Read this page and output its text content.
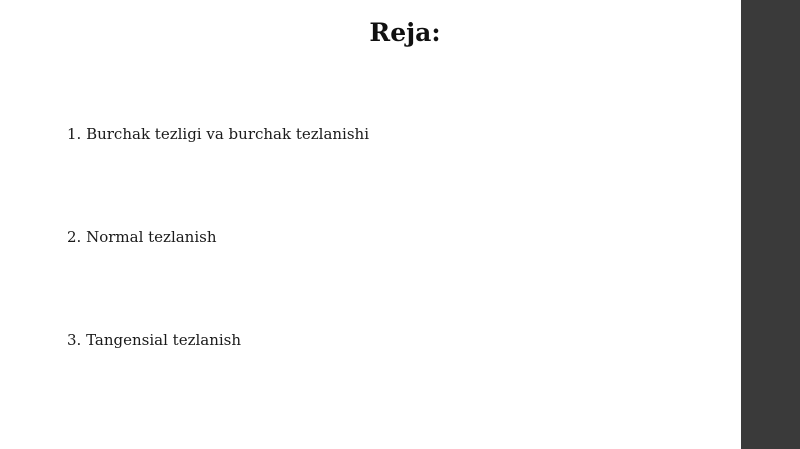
Reja:

1. Burchak tezligi va burchak tezlanishi

2. Normal tezlanish

3. Tangensial tezlanish
